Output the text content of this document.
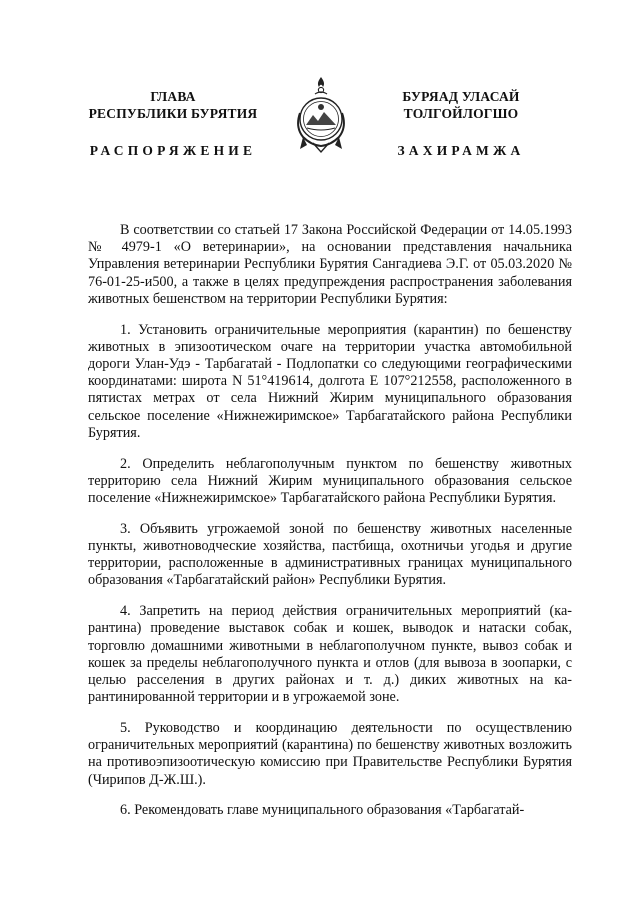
ГЛАВА
РЕСПУБЛИКИ БУРЯТИЯ
РАСПОРЯЖЕНИЕ
БУРЯАД УЛАСАЙ
ТОЛГОЙЛОГШО
ЗАХИРАМЖА

В соответствии со статьей 17 Закона Российской Федерации от 14.05.1993 № 4979-1 «О ветеринарии», на основании представления начальника Управления ветеринарии Республики Бурятия Сангадиева Э.Г. от 05.03.2020 № 76-01-25-и500, а также в целях предупреждения распространения заболевания животных бешенством на территории Республики Бурятия:

1. Установить ограничительные мероприятия (карантин) по бешенству животных в эпизоотическом очаге на территории участка автомобильной дороги Улан-Удэ - Тарбагатай - Подлопатки со следующими географическими координатами: широта N 51°419614, долгота E 107°212558, расположенного в пятистах метрах от села Нижний Жирим муниципального образования сельское поселение «Нижнежиримское» Тарбагатайского района Республики Бурятия.

2. Определить неблагополучным пунктом по бешенству животных территорию села Нижний Жирим муниципального образования сельское поселение «Нижнежиримское» Тарбагатайского района Республики Бурятия.

3. Объявить угрожаемой зоной по бешенству животных населенные пункты, животноводческие хозяйства, пастбища, охотничьи угодья и другие территории, расположенные в административных границах муниципального образования «Тарбагатайский район» Республики Бурятия.

4. Запретить на период действия ограничительных мероприятий (карантина) проведение выставок собак и кошек, выводок и натаски собак, торговлю домашними животными в неблагополучном пункте, вывоз собак и кошек за пределы неблагополучного пункта и отлов (для вывоза в зоопарки, с целью расселения в других районах и т. д.) диких животных на карантинированной территории и в угрожаемой зоне.

5. Руководство и координацию деятельности по осуществлению ограничительных мероприятий (карантина) по бешенству животных возложить на противоэпизоотическую комиссию при Правительстве Республики Бурятия (Чирипов Д-Ж.Ш.).

6. Рекомендовать главе муниципального образования «Тарбагатай-
